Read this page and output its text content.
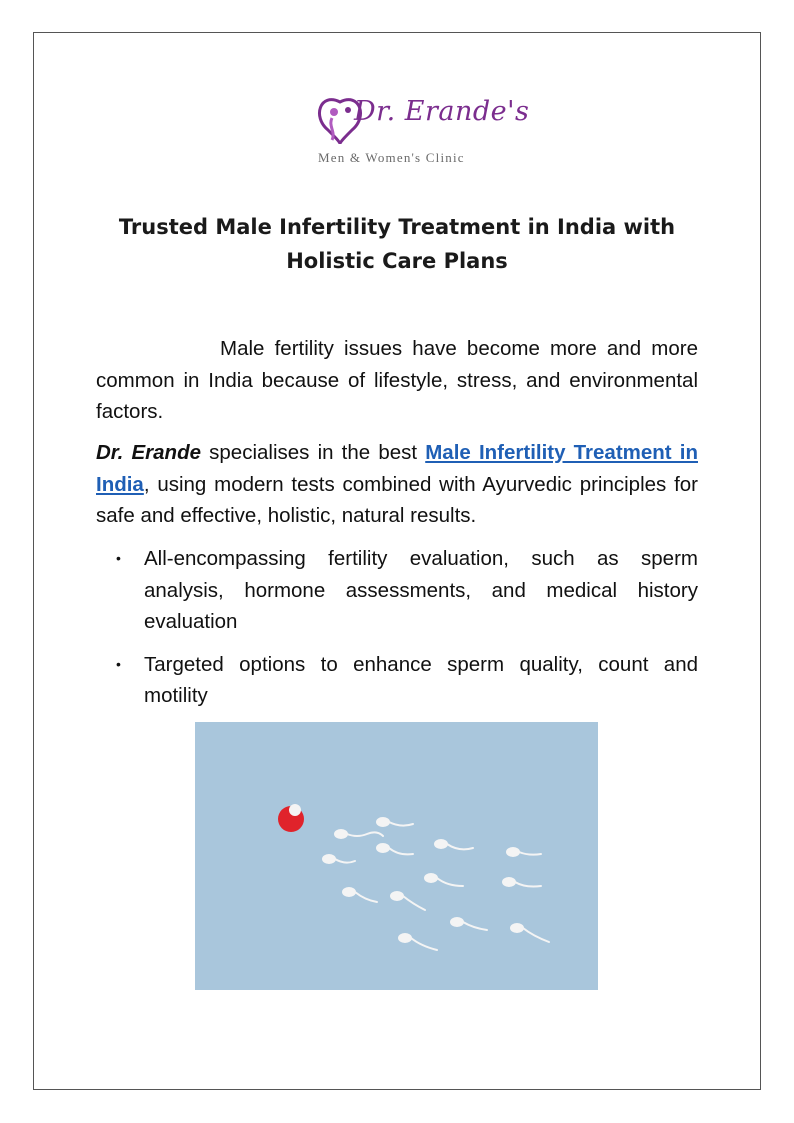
Dr. Erande's
Men & Women's Clinic
Trusted Male Infertility Treatment in India with
Holistic Care Plans

Male fertility issues have become more and more common in India because of lifestyle, stress, and environmental factors.

Dr. Erande specialises in the best Male Infertility Treatment in India, using modern tests combined with Ayurvedic principles for safe and effective, holistic, natural results.

• All-encompassing fertility evaluation, such as sperm analysis, hormone assessments, and medical history evaluation
• Targeted options to enhance sperm quality, count and motility
